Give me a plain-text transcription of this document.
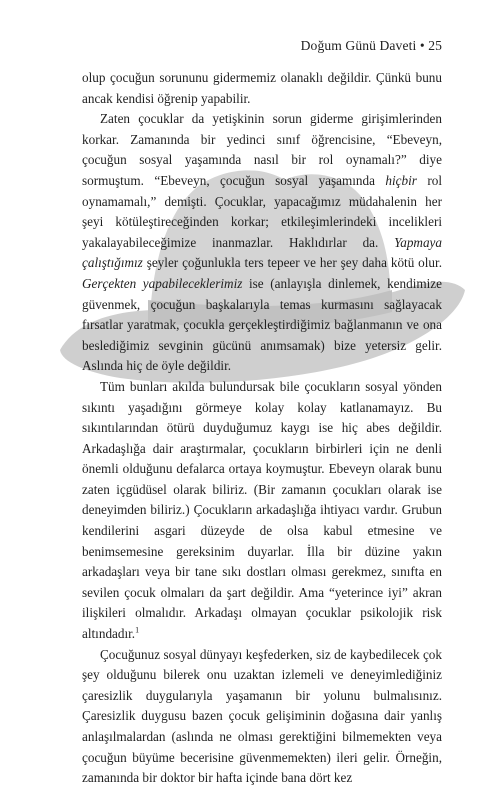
Doğum Günü Daveti • 25

olup çocuğun sorununu gidermemiz olanaklı değildir. Çünkü bunu ancak kendisi öğrenip yapabilir.

Zaten çocuklar da yetişkinin sorun giderme girişimlerinden korkar. Zamanında bir yedinci sınıf öğrencisine, “Ebeveyn, çocuğun sosyal yaşamında nasıl bir rol oynamalı?” diye sormuştum. “Ebeveyn, çocuğun sosyal yaşamında hiçbir rol oynamamalı,” demişti. Çocuklar, yapacağımız müdahalenin her şeyi kötüleştireceğinden korkar; etkileşimlerindeki incelikleri yakalayabileceğimize inanmazlar. Haklıdırlar da. Yapmaya çalıştığımız şeyler çoğunlukla ters tepeer ve her şey daha kötü olur. Gerçekten yapabileceklerimiz ise (anlayışla dinlemek, kendimize güvenmek, çocuğun başkalarıyla temas kurmasını sağlayacak fırsatlar yaratmak, çocukla gerçekleştirdiğimiz bağlanmanın ve ona beslediğimiz sevginin gücünü anımsamak) bize yetersiz gelir. Aslında hiç de öyle değildir.

Tüm bunları akılda bulundursak bile çocukların sosyal yönden sıkıntı yaşadığını görmeye kolay kolay katlanamayız. Bu sıkıntılarından ötürü duyduğumuz kaygı ise hiç abes değildir. Arkadaşlığa dair araştırmalar, çocukların birbirleri için ne denli önemli olduğunu defalarca ortaya koymuştur. Ebeveyn olarak bunu zaten içgüdüsel olarak biliriz. (Bir zamanın çocukları olarak ise deneyimden biliriz.) Çocukların arkadaşlığa ihtiyacı vardır. Grubun kendilerini asgari düzeyde de olsa kabul etmesine ve benimsemesine gereksinim duyarlar. İlla bir düzine yakın arkadaşları veya bir tane sıkı dostları olması gerekmez, sınıfta en sevilen çocuk olmaları da şart değildir. Ama “yeterince iyi” akran ilişkileri olmalıdır. Arkadaşı olmayan çocuklar psikolojik risk altındadır.$^1$

Çocuğunuz sosyal dünyayı keşfederken, siz de kaybedilecek çok şey olduğunu bilerek onu uzaktan izlemeli ve deneyimlediğiniz çaresizlik duygularıyla yaşamanın bir yolunu bulmalısınız. Çaresizlik duygusu bazen çocuk gelişiminin doğasına dair yanlış anlaşılmalardan (aslında ne olması gerektiğini bilmemekten veya çocuğun büyüme becerisine güvenmemekten) ileri gelir. Örneğin, zamanında bir doktor bir hafta içinde bana dört kez
